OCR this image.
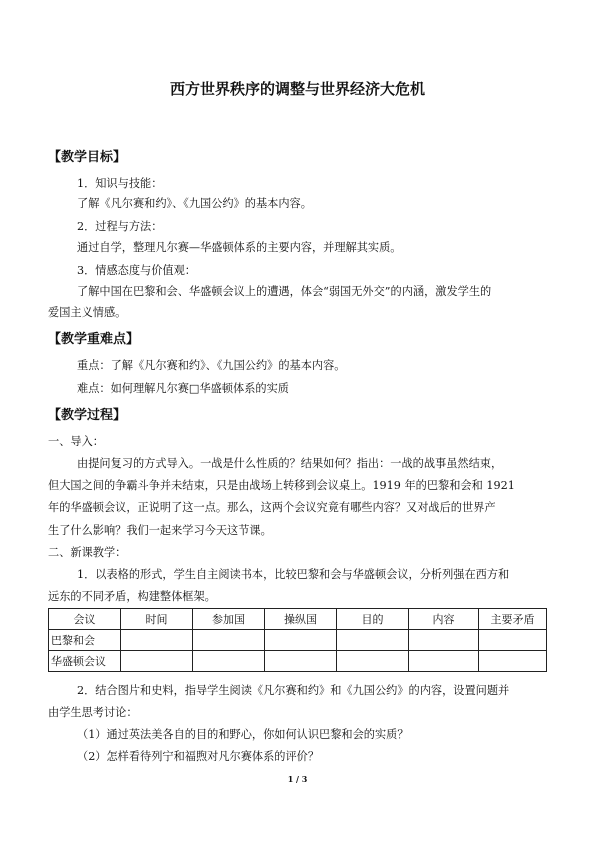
西方世界秩序的调整与世界经济大危机
【教学目标】
1．知识与技能：
了解《凡尔赛和约》、《九国公约》的基本内容。
2．过程与方法：
通过自学，整理凡尔赛—华盛顿体系的主要内容，并理解其实质。
3．情感态度与价值观：
了解中国在巴黎和会、华盛顿会议上的遭遇，体会“弱国无外交”的内涵，激发学生的
爱国主义情感。
【教学重难点】
重点：了解《凡尔赛和约》、《九国公约》的基本内容。
难点：如何理解凡尔赛□华盛顿体系的实质
【教学过程】
一、导入：
由提问复习的方式导入。一战是什么性质的？结果如何？指出：一战的战事虽然结束，
但大国之间的争霸斗争并未结束，只是由战场上转移到会议桌上。1919 年的巴黎和会和 1921
年的华盛顿会议，正说明了这一点。那么，这两个会议究竟有哪些内容？又对战后的世界产
生了什么影响？我们一起来学习今天这节课。
二、新课教学：
1．以表格的形式，学生自主阅读书本，比较巴黎和会与华盛顿会议，分析列强在西方和
远东的不同矛盾，构建整体框架。
会议	时间	参加国	操纵国	目的	内容	主要矛盾
巴黎和会						
华盛顿会议						
2．结合图片和史料，指导学生阅读《凡尔赛和约》和《九国公约》的内容，设置问题并
由学生思考讨论：
（1）通过英法美各自的目的和野心，你如何认识巴黎和会的实质？
（2）怎样看待列宁和福煦对凡尔赛体系的评价？
1 / 3
